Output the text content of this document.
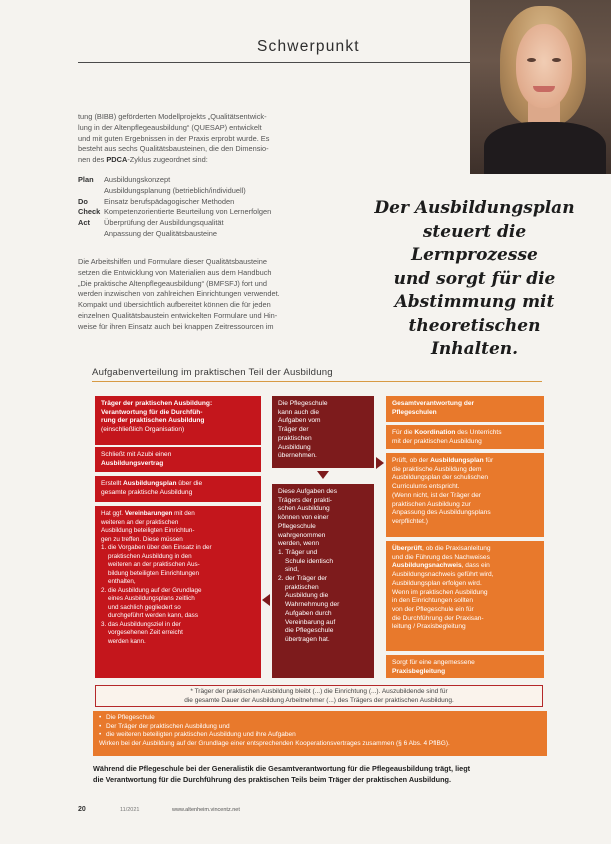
Schwerpunkt
tung (BIBB) geförderten Modellprojekts „Qualitätsentwick-
lung in der Altenpflegeausbildung“ (QUESAP) entwickelt
und mit guten Ergebnissen in der Praxis erprobt wurde. Es
besteht aus sechs Qualitätsbausteinen, die den Dimensio-
nen des PDCA-Zyklus zugeordnet sind:
Plan	Ausbildungskonzept
Ausbildungsplanung (betrieblich/individuell)
Do	Einsatz berufspädagogischer Methoden
Check Kompetenzorientierte Beurteilung von Lernerfolgen
Act	Überprüfung der Ausbildungsqualität
Anpassung der Qualitätsbausteine
Die Arbeitshilfen und Formulare dieser Qualitätsbausteine
setzen die Entwicklung von Materialien aus dem Handbuch
„Die praktische Altenpflegeausbildung“ (BMFSFJ) fort und
werden inzwischen von zahlreichen Einrichtungen verwendet.
Kompakt und übersichtlich aufbereitet können die für jeden
einzelnen Qualitätsbaustein entwickelten Formulare und Hin-
weise für ihren Einsatz auch bei knappen Zeitressourcen im
Der Ausbildungsplan
steuert die Lernprozesse
und sorgt für die
Abstimmung mit
theoretischen Inhalten.
Aufgabenverteilung im praktischen Teil der Ausbildung
Träger der praktischen Ausbildung:
Verantwortung für die Durchfüh-
rung der praktischen Ausbildung
(einschließlich Organisation)
Schließt mit Azubi einen
Ausbildungsvertrag
Erstellt Ausbildungsplan über die
gesamte praktische Ausbildung
Hat ggf. Vereinbarungen mit den
weiteren an der praktischen
Ausbildung beteiligten Einrichtun-
gen zu treffen. Diese müssen
1. die Vorgaben über den Einsatz in der
praktischen Ausbildung in den
weiteren an der praktischen Aus-
bildung beteiligten Einrichtungen
enthalten,
2. die Ausbildung auf der Grundlage
eines Ausbildungsplans zeitlich
und sachlich gegliedert so
durchgeführt werden kann, dass
3. das Ausbildungsziel in der
vorgesehenen Zeit erreicht
werden kann.
Die Pflegeschule
kann auch die
Aufgaben vom
Träger der
praktischen
Ausbildung
übernehmen.
Diese Aufgaben des
Trägers der prakti-
schen Ausbildung
können von einer
Pflegeschule
wahrgenommen
werden, wenn
1. Träger und
Schule identisch
sind,
2. der Träger der
praktischen
Ausbildung die
Wahrnehmung der
Aufgaben durch
Vereinbarung auf
die Pflegeschule
übertragen hat.
Gesamtverantwortung der
Pflegeschulen
Für die Koordination des Unterrichts
mit der praktischen Ausbildung
Prüft, ob der Ausbildungsplan für
die praktische Ausbildung dem
Ausbildungsplan der schulischen
Curriculums entspricht.
(Wenn nicht, ist der Träger der
praktischen Ausbildung zur
Anpassung des Ausbildungsplans
verpflichtet.)
Überprüft, ob die Praxisanleitung
und die Führung des Nachweises
Ausbildungsnachweis, dass ein
Ausbildungsnachweis geführt wird,
Ausbildungsplan erfolgen wird.
Wenn im praktischen Ausbildung
in den Einrichtungen sollten
von der Pflegeschule ein für
die Durchführung der Praxisan-
leitung / Praxisbegleitung
Sorgt für eine angemessene
Praxisbegleitung
* Träger der praktischen Ausbildung bleibt (...) die Einrichtung (...). Auszubildende sind für
die gesamte Dauer der Ausbildung Arbeitnehmer (...) des Trägers der praktischen Ausbildung.
• Die Pflegeschule
• Der Träger der praktischen Ausbildung und
• die weiteren beteiligten praktischen Ausbildung und ihre Aufgaben
Wirken bei der Ausbildung auf der Grundlage einer entsprechenden Kooperationsvertrages zusammen (§ 6 Abs. 4 PflBG).
Während die Pflegeschule bei der Generalistik die Gesamtverantwortung für die Pflegeausbildung trägt, liegt
die Verantwortung für die Durchführung des praktischen Teils beim Träger der praktischen Ausbildung.
20	11/2021	www.altenheim.vincentz.net
